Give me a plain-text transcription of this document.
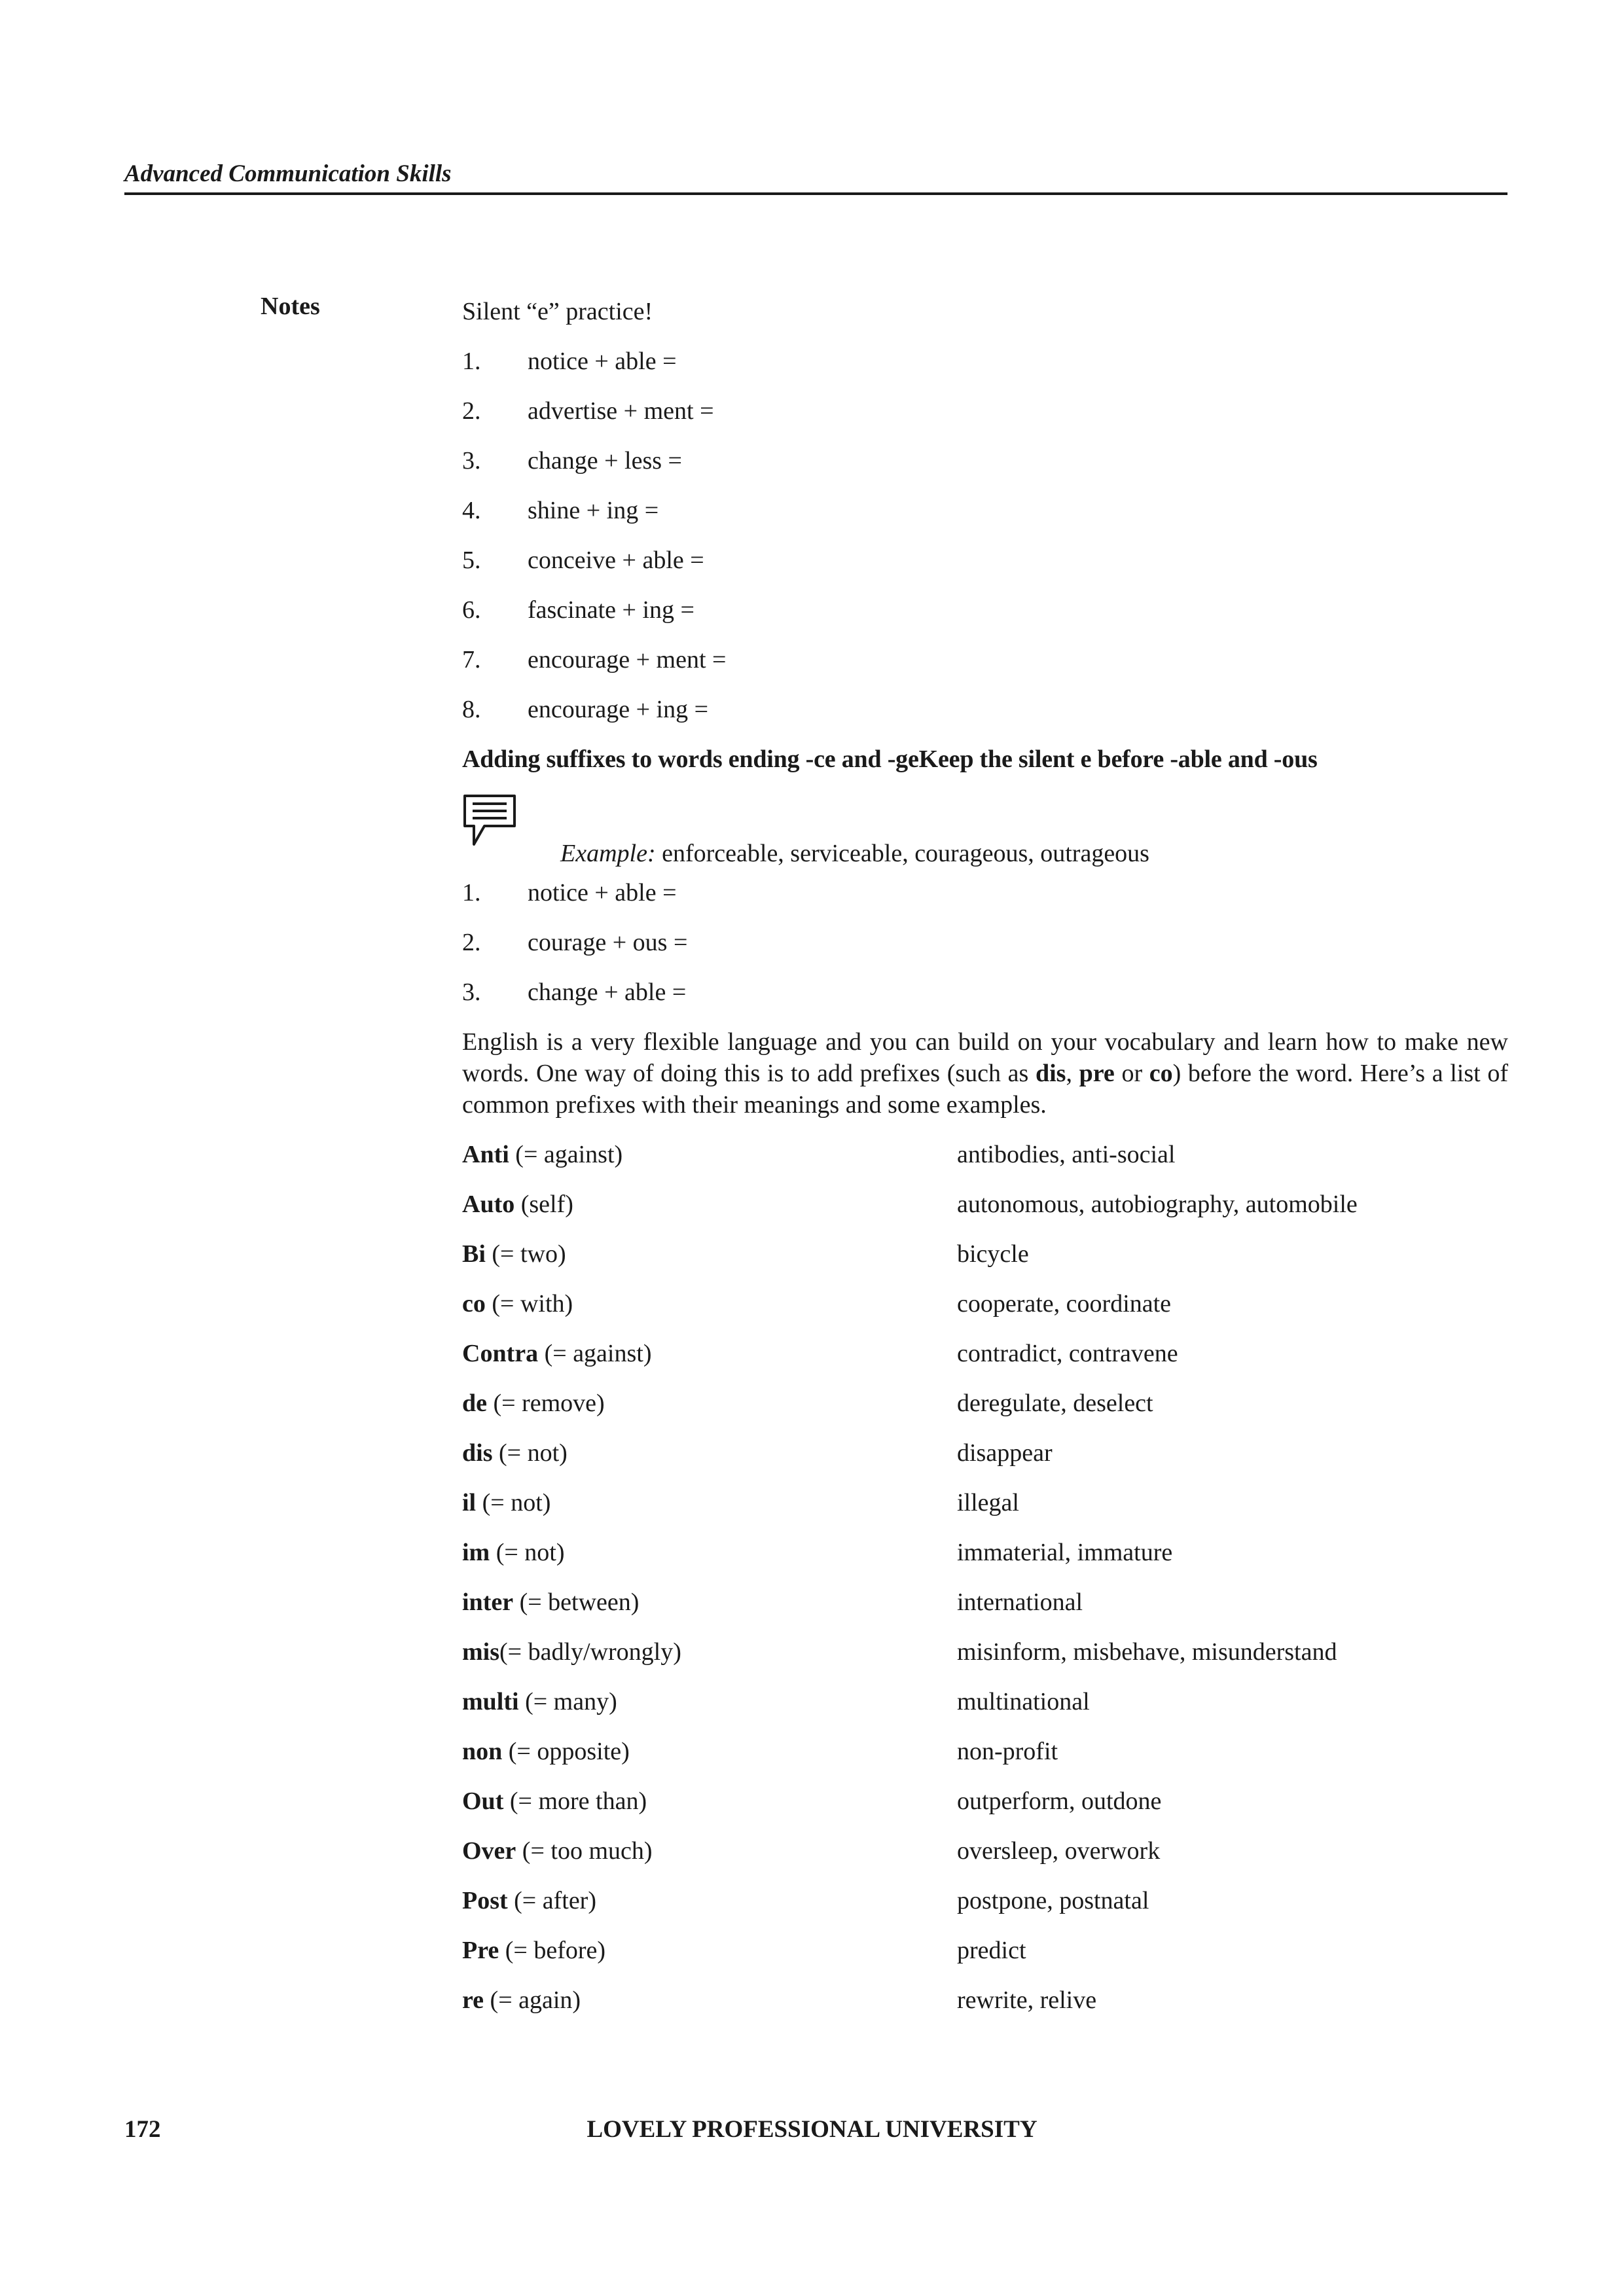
Advanced Communication Skills
Notes	Silent “e” practice!
1.	notice + able =
2.	advertise + ment =
3.	change + less =
4.	shine + ing =
5.	conceive + able =
6.	fascinate + ing =
7.	encourage + ment =
8.	encourage + ing =
Adding suffixes to words ending -ce and -geKeep the silent e before -able and -ous
Example: enforceable, serviceable, courageous, outrageous
1.	notice + able =
2.	courage + ous =
3.	change + able =
English is a very flexible language and you can build on your vocabulary and learn how to make new words. One way of doing this is to add prefixes (such as dis, pre or co) before the word. Here’s a list of common prefixes with their meanings and some examples.
Anti (= against)	antibodies, anti-social
Auto (self)	autonomous, autobiography, automobile
Bi (= two)	bicycle
co (= with)	cooperate, coordinate
Contra (= against)	contradict, contravene
de (= remove)	deregulate, deselect
dis (= not)	disappear
il (= not)	illegal
im (= not)	immaterial, immature
inter (= between)	international
mis(= badly/wrongly)	misinform, misbehave, misunderstand
multi (= many)	multinational
non (= opposite)	non-profit
Out (= more than)	outperform, outdone
Over (= too much)	oversleep, overwork
Post (= after)	postpone, postnatal
Pre (= before)	predict
re (= again)	rewrite, relive
LOVELY PROFESSIONAL UNIVERSITY
172
